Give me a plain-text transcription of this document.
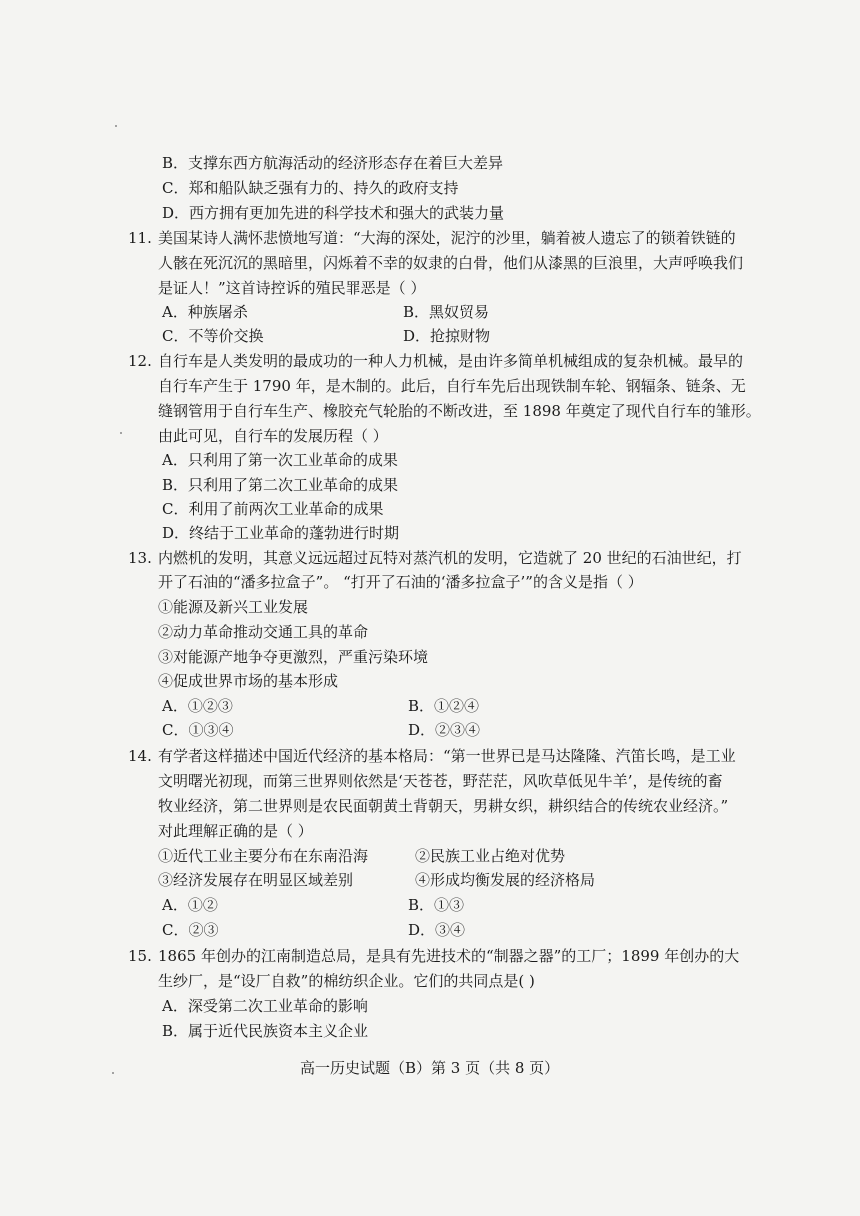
B．支撑东西方航海活动的经济形态存在着巨大差异
C．郑和船队缺乏强有力的、持久的政府支持
D．西方拥有更加先进的科学技术和强大的武装力量
11. 美国某诗人满怀悲愤地写道：“大海的深处，泥泞的沙里，躺着被人遗忘了的锁着铁链的
人骸在死沉沉的黑暗里，闪烁着不幸的奴隶的白骨，他们从漆黑的巨浪里，大声呼唤我们
是证人！”这首诗控诉的殖民罪恶是（ ）
A．种族屠杀	B．黑奴贸易
C．不等价交换	D．抢掠财物
12. 自行车是人类发明的最成功的一种人力机械，是由许多简单机械组成的复杂机械。最早的
自行车产生于 1790 年，是木制的。此后，自行车先后出现铁制车轮、钢辐条、链条、无
缝钢管用于自行车生产、橡胶充气轮胎的不断改进，至 1898 年奠定了现代自行车的雏形。
由此可见，自行车的发展历程（ ）
A．只利用了第一次工业革命的成果
B．只利用了第二次工业革命的成果
C．利用了前两次工业革命的成果
D．终结于工业革命的蓬勃进行时期
13. 内燃机的发明，其意义远远超过瓦特对蒸汽机的发明，它造就了 20 世纪的石油世纪，打
开了石油的“潘多拉盒子”。 “打开了石油的‘潘多拉盒子’”的含义是指（ ）
①能源及新兴工业发展
②动力革命推动交通工具的革命
③对能源产地争夺更激烈，严重污染环境
④促成世界市场的基本形成
A．①②③	B．①②④
C．①③④	D．②③④
14. 有学者这样描述中国近代经济的基本格局：“第一世界已是马达隆隆、汽笛长鸣，是工业
文明曙光初现，而第三世界则依然是‘天苍苍，野茫茫，风吹草低见牛羊’，是传统的畜
牧业经济，第二世界则是农民面朝黄土背朝天，男耕女织，耕织结合的传统农业经济。”
对此理解正确的是（ ）
①近代工业主要分布在东南沿海	②民族工业占绝对优势
③经济发展存在明显区域差别	④形成均衡发展的经济格局
A．①②	B．①③
C．②③	D．③④
15. 1865 年创办的江南制造总局，是具有先进技术的“制器之器”的工厂；1899 年创办的大
生纱厂，是“设厂自救”的棉纺织企业。它们的共同点是( )
A．深受第二次工业革命的影响
B．属于近代民族资本主义企业
高一历史试题（B）第 3 页（共 8 页）
